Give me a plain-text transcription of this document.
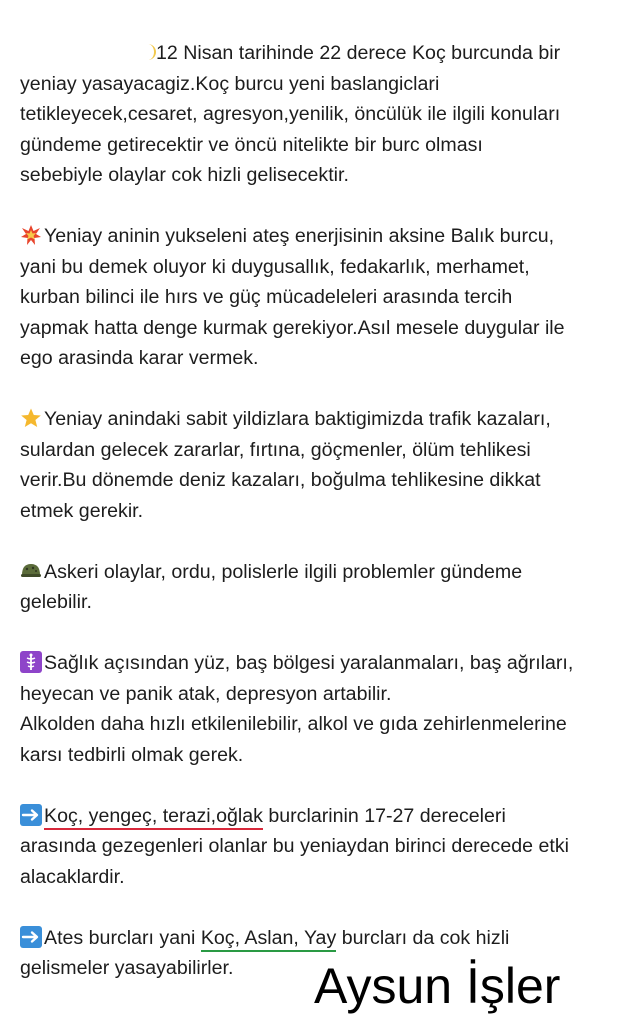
12 Nisan tarihinde 22 derece Koç burcunda bir
yeniay yasayacagiz.Koç burcu yeni baslangiclari
tetikleyecek,cesaret, agresyon,yenilik, öncülük ile ilgili konuları
gündeme getirecektir ve öncü nitelikte bir burc olması
sebebiyle olaylar cok hizli gelisecektir.

Yeniay aninin yukseleni ateş enerjisinin aksine Balık burcu,
yani bu demek oluyor ki duygusallık, fedakarlık, merhamet,
kurban bilinci ile hırs ve güç mücadeleleri arasında tercih
yapmak hatta denge kurmak gerekiyor.Asıl mesele duygular ile
ego arasinda karar vermek.

Yeniay anindaki sabit yildizlara baktigimizda trafik kazaları,
sulardan gelecek zararlar, fırtına, göçmenler, ölüm tehlikesi
verir.Bu dönemde deniz kazaları, boğulma tehlikesine dikkat
etmek gerekir.

Askeri olaylar, ordu, polislerle ilgili problemler gündeme
gelebilir.

Sağlık açısından yüz, baş bölgesi yaralanmaları, baş ağrıları,
heyecan ve panik atak, depresyon artabilir.
Alkolden daha hızlı etkilenilebilir, alkol ve gıda zehirlenmelerine
karsı tedbirli olmak gerek.

Koç, yengeç, terazi,oğlak burclarinin 17-27 dereceleri
arasında gezegenleri olanlar bu yeniaydan birinci derecede etki
alacaklardir.

Ates burcları yani Koç, Aslan, Yay burcları da cok hizli
gelismeler yasayabilirler.	Aysun İşler
